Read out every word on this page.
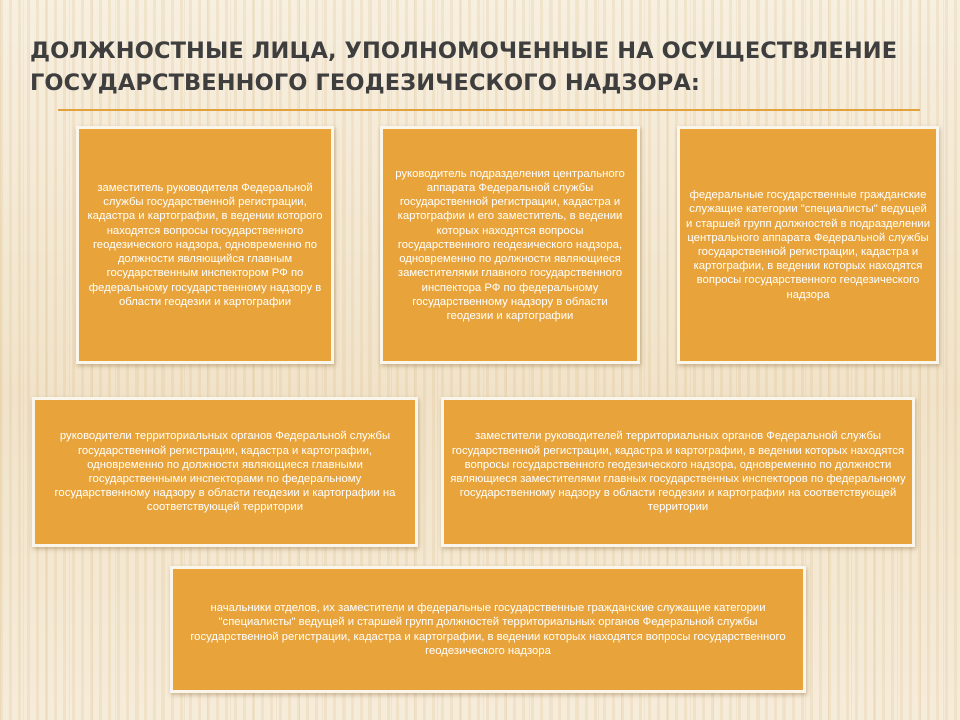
ДОЛЖНОСТНЫЕ ЛИЦА, УПОЛНОМОЧЕННЫЕ НА ОСУЩЕСТВЛЕНИЕ
ГОСУДАРСТВЕННОГО ГЕОДЕЗИЧЕСКОГО НАДЗОРА:

заместитель руководителя Федеральной службы государственной регистрации, кадастра и картографии, в ведении которого находятся вопросы государственного геодезического надзора, одновременно по должности являющийся главным государственным инспектором РФ по федеральному государственному надзору в области геодезии и картографии

руководитель подразделения центрального аппарата Федеральной службы государственной регистрации, кадастра и картографии и его заместитель, в ведении которых находятся вопросы государственного геодезического надзора, одновременно по должности являющиеся заместителями главного государственного инспектора РФ по федеральному государственному надзору в области геодезии и картографии

федеральные государственные гражданские служащие категории "специалисты" ведущей и старшей групп должностей в подразделении центрального аппарата Федеральной службы государственной регистрации, кадастра и картографии, в ведении которых находятся вопросы государственного геодезического надзора

руководители территориальных органов Федеральной службы государственной регистрации, кадастра и картографии, одновременно по должности являющиеся главными государственными инспекторами по федеральному государственному надзору в области геодезии и картографии на соответствующей территории

заместители руководителей территориальных органов Федеральной службы государственной регистрации, кадастра и картографии, в ведении которых находятся вопросы государственного геодезического надзора, одновременно по должности являющиеся заместителями главных государственных инспекторов по федеральному государственному надзору в области геодезии и картографии на соответствующей территории

начальники отделов, их заместители и федеральные государственные гражданские служащие категории "специалисты" ведущей и старшей групп должностей территориальных органов Федеральной службы государственной регистрации, кадастра и картографии, в ведении которых находятся вопросы государственного геодезического надзора
